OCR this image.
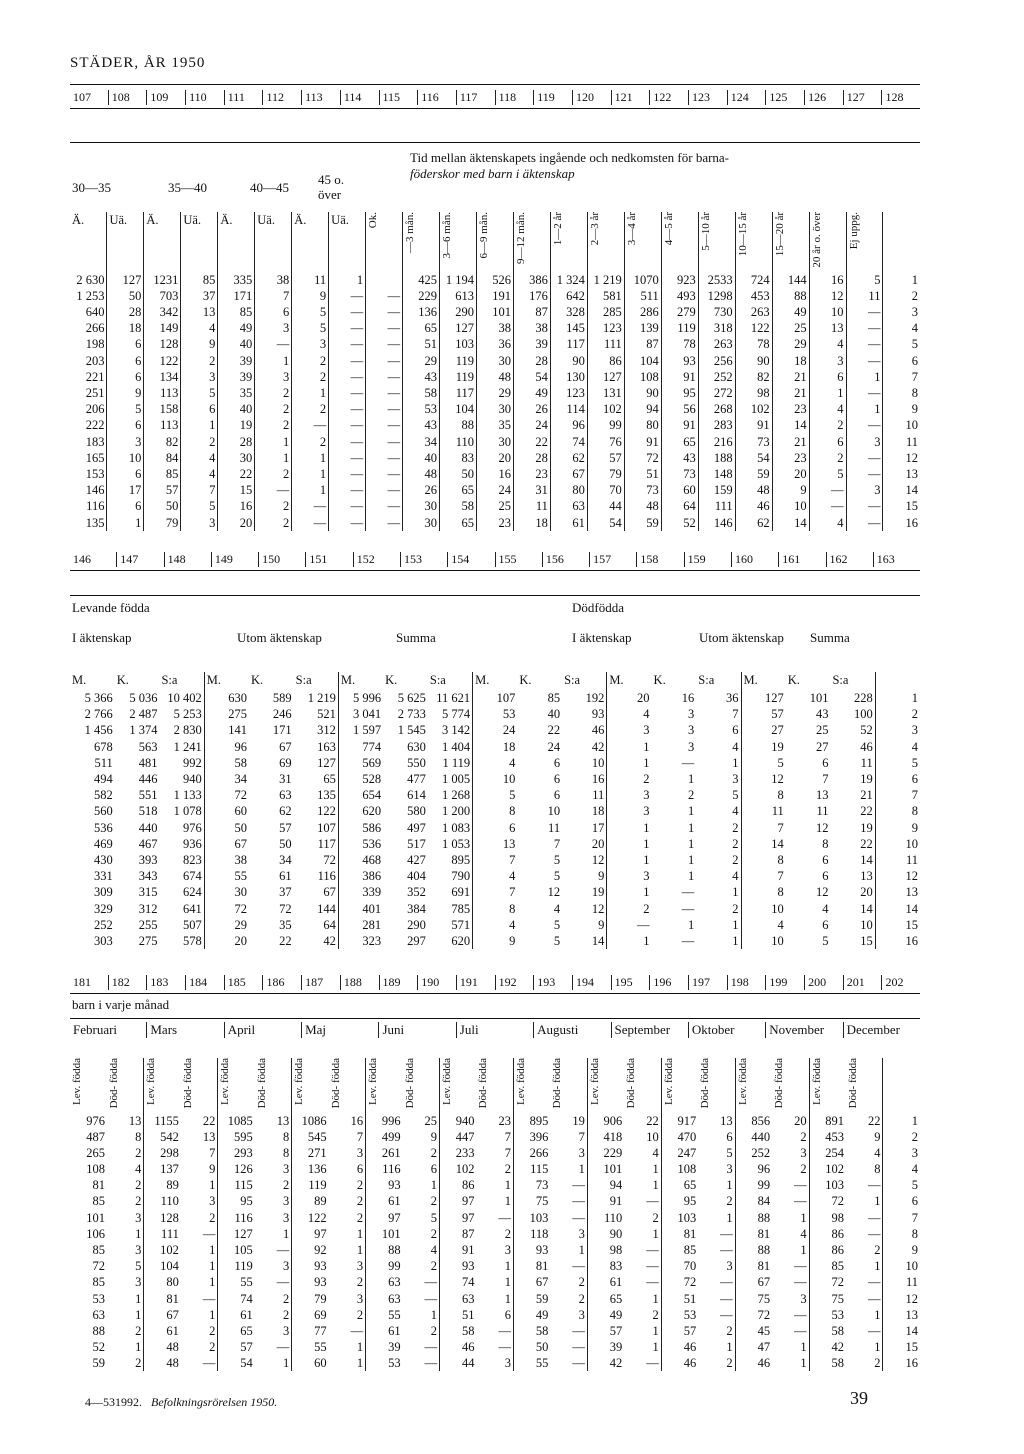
STÄDER, ÅR 1950
107	108	109	110	111	112	113	114	115	116	117	118	119	120	121	122	123	124	125	126	127	128
30—35	35—40	40—45
45 o. över
Tid mellan äktenskapets ingående och nedkomsten för barna-
föderskor med barn i äktenskap
Ä.	Uä.	Ä.	Uä.	Ä.	Uä.	Ä.	Uä.	Ok.	—3 mån.	3—6 mån.	6—9 mån.	9—12 mån.	1—2 år	2—3 år	3—4 år	4—5 år	5—10 år	10—15 år	15—20 år	20 år o. över	Ej uppg.	
2 630	127	1231	85	335	38	11	1		425	1 194	526	386	1 324	1 219	1070	923	2533	724	144	16	5	1
1 253	50	703	37	171	7	9	—	—	229	613	191	176	642	581	511	493	1298	453	88	12	11	2
640	28	342	13	85	6	5	—	—	136	290	101	87	328	285	286	279	730	263	49	10	—	3
266	18	149	4	49	3	5	—	—	65	127	38	38	145	123	139	119	318	122	25	13	—	4
198	6	128	9	40	—	3	—	—	51	103	36	39	117	111	87	78	263	78	29	4	—	5
203	6	122	2	39	1	2	—	—	29	119	30	28	90	86	104	93	256	90	18	3	—	6
221	6	134	3	39	3	2	—	—	43	119	48	54	130	127	108	91	252	82	21	6	1	7
251	9	113	5	35	2	1	—	—	58	117	29	49	123	131	90	95	272	98	21	1	—	8
206	5	158	6	40	2	2	—	—	53	104	30	26	114	102	94	56	268	102	23	4	1	9
222	6	113	1	19	2	—	—	—	43	88	35	24	96	99	80	91	283	91	14	2	—	10
183	3	82	2	28	1	2	—	—	34	110	30	22	74	76	91	65	216	73	21	6	3	11
165	10	84	4	30	1	1	—	—	40	83	20	28	62	57	72	43	188	54	23	2	—	12
153	6	85	4	22	2	1	—	—	48	50	16	23	67	79	51	73	148	59	20	5	—	13
146	17	57	7	15	—	1	—	—	26	65	24	31	80	70	73	60	159	48	9	—	3	14
116	6	50	5	16	2	—	—	—	30	58	25	11	63	44	48	64	111	46	10	—	—	15
135	1	79	3	20	2	—	—	—	30	65	23	18	61	54	59	52	146	62	14	4	—	16
146	147	148	149	150	151	152	153	154	155	156	157	158	159	160	161	162	163
Levande födda	Dödfödda
I äktenskap	Utom äktenskap	Summa	I äktenskap	Utom äktenskap	Summa
M.	K.	S:a	M.	K.	S:a	M.	K.	S:a	M.	K.	S:a	M.	K.	S:a	M.	K.	S:a	
5 366	5 036	10 402	630	589	1 219	5 996	5 625	11 621	107	85	192	20	16	36	127	101	228	1
2 766	2 487	5 253	275	246	521	3 041	2 733	5 774	53	40	93	4	3	7	57	43	100	2
1 456	1 374	2 830	141	171	312	1 597	1 545	3 142	24	22	46	3	3	6	27	25	52	3
678	563	1 241	96	67	163	774	630	1 404	18	24	42	1	3	4	19	27	46	4
511	481	992	58	69	127	569	550	1 119	4	6	10	1	—	1	5	6	11	5
494	446	940	34	31	65	528	477	1 005	10	6	16	2	1	3	12	7	19	6
582	551	1 133	72	63	135	654	614	1 268	5	6	11	3	2	5	8	13	21	7
560	518	1 078	60	62	122	620	580	1 200	8	10	18	3	1	4	11	11	22	8
536	440	976	50	57	107	586	497	1 083	6	11	17	1	1	2	7	12	19	9
469	467	936	67	50	117	536	517	1 053	13	7	20	1	1	2	14	8	22	10
430	393	823	38	34	72	468	427	895	7	5	12	1	1	2	8	6	14	11
331	343	674	55	61	116	386	404	790	4	5	9	3	1	4	7	6	13	12
309	315	624	30	37	67	339	352	691	7	12	19	1	—	1	8	12	20	13
329	312	641	72	72	144	401	384	785	8	4	12	2	—	2	10	4	14	14
252	255	507	29	35	64	281	290	571	4	5	9	—	1	1	4	6	10	15
303	275	578	20	22	42	323	297	620	9	5	14	1	—	1	10	5	15	16
181	182	183	184	185	186	187	188	189	190	191	192	193	194	195	196	197	198	199	200	201	202
barn i varje månad
Februari	Mars	April	Maj	Juni	Juli	Augusti	September	Oktober	November	December
Lev. födda	Död- födda	Lev. födda	Död- födda	Lev. födda	Död- födda	Lev. födda	Död- födda	Lev. födda	Död- födda	Lev. födda	Död- födda	Lev. födda	Död- födda	Lev. födda	Död- födda	Lev. födda	Död- födda	Lev. födda	Död- födda	Lev. födda	Död- födda	
976	13	1155	22	1085	13	1086	16	996	25	940	23	895	19	906	22	917	13	856	20	891	22	1
487	8	542	13	595	8	545	7	499	9	447	7	396	7	418	10	470	6	440	2	453	9	2
265	2	298	7	293	8	271	3	261	2	233	7	266	3	229	4	247	5	252	3	254	4	3
108	4	137	9	126	3	136	6	116	6	102	2	115	1	101	1	108	3	96	2	102	8	4
81	2	89	1	115	2	119	2	93	1	86	1	73	—	94	1	65	1	99	—	103	—	5
85	2	110	3	95	3	89	2	61	2	97	1	75	—	91	—	95	2	84	—	72	1	6
101	3	128	2	116	3	122	2	97	5	97	—	103	—	110	2	103	1	88	1	98	—	7
106	1	111	—	127	1	97	1	101	2	87	2	118	3	90	1	81	—	81	4	86	—	8
85	3	102	1	105	—	92	1	88	4	91	3	93	1	98	—	85	—	88	1	86	2	9
72	5	104	1	119	3	93	3	99	2	93	1	81	—	83	—	70	3	81	—	85	1	10
85	3	80	1	55	—	93	2	63	—	74	1	67	2	61	—	72	—	67	—	72	—	11
53	1	81	—	74	2	79	3	63	—	63	1	59	2	65	1	51	—	75	3	75	—	12
63	1	67	1	61	2	69	2	55	1	51	6	49	3	49	2	53	—	72	—	53	1	13
88	2	61	2	65	3	77	—	61	2	58	—	58	—	57	1	57	2	45	—	58	—	14
52	1	48	2	57	—	55	1	39	—	46	—	50	—	39	1	46	1	47	1	42	1	15
59	2	48	—	54	1	60	1	53	—	44	3	55	—	42	—	46	2	46	1	58	2	16
4—531992. Befolkningsrörelsen 1950.	39
